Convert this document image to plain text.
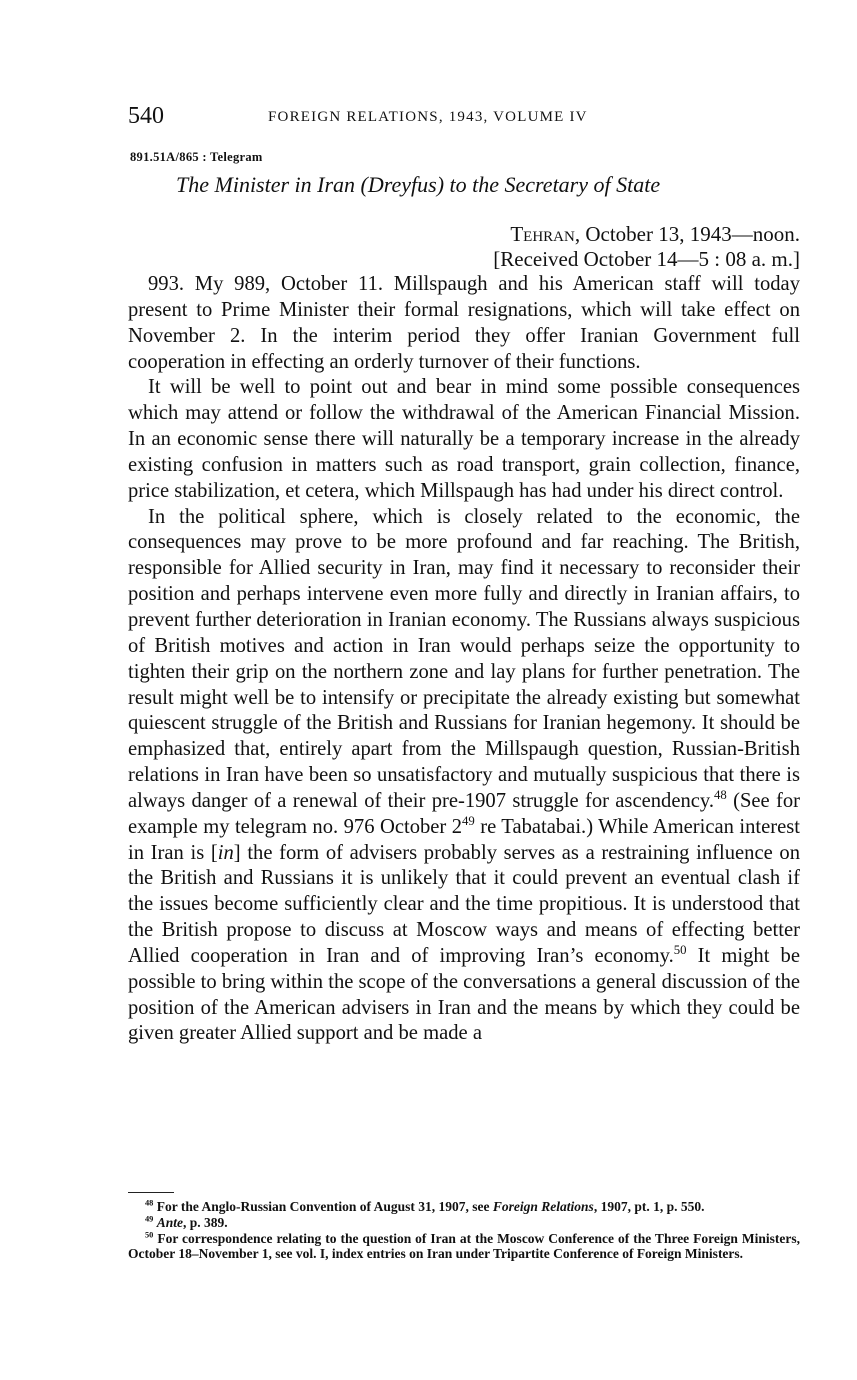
540	FOREIGN RELATIONS, 1943, VOLUME IV
891.51A/865 : Telegram
The Minister in Iran (Dreyfus) to the Secretary of State
Tehran, October 13, 1943—noon.
[Received October 14—5 : 08 a. m.]

993. My 989, October 11. Millspaugh and his American staff will today present to Prime Minister their formal resignations, which will take effect on November 2. In the interim period they offer Iranian Government full cooperation in effecting an orderly turnover of their functions.

It will be well to point out and bear in mind some possible consequences which may attend or follow the withdrawal of the American Financial Mission. In an economic sense there will naturally be a temporary increase in the already existing confusion in matters such as road transport, grain collection, finance, price stabilization, et cetera, which Millspaugh has had under his direct control.

In the political sphere, which is closely related to the economic, the consequences may prove to be more profound and far reaching. The British, responsible for Allied security in Iran, may find it necessary to reconsider their position and perhaps intervene even more fully and directly in Iranian affairs, to prevent further deterioration in Iranian economy. The Russians always suspicious of British motives and action in Iran would perhaps seize the opportunity to tighten their grip on the northern zone and lay plans for further penetration. The result might well be to intensify or precipitate the already existing but somewhat quiescent struggle of the British and Russians for Iranian hegemony. It should be emphasized that, entirely apart from the Millspaugh question, Russian-British relations in Iran have been so unsatisfactory and mutually suspicious that there is always danger of a renewal of their pre-1907 struggle for ascendency.$^{48}$ (See for example my telegram no. 976 October $2^{49}$ re Tabatabai.) While American interest in Iran is [in] the form of advisers probably serves as a restraining influence on the British and Russians it is unlikely that it could prevent an eventual clash if the issues become sufficiently clear and the time propitious. It is understood that the British propose to discuss at Moscow ways and means of effecting better Allied cooperation in Iran and of improving Iran’s economy.$^{50}$ It might be possible to bring within the scope of the conversations a general discussion of the position of the American advisers in Iran and the means by which they could be given greater Allied support and be made a

$^{48}$ For the Anglo-Russian Convention of August 31, 1907, see Foreign Relations, 1907, pt. 1, p. 550.

$^{49}$ Ante, p. 389.

$^{50}$ For correspondence relating to the question of Iran at the Moscow Conference of the Three Foreign Ministers, October 18–November 1, see vol. I, index entries on Iran under Tripartite Conference of Foreign Ministers.
